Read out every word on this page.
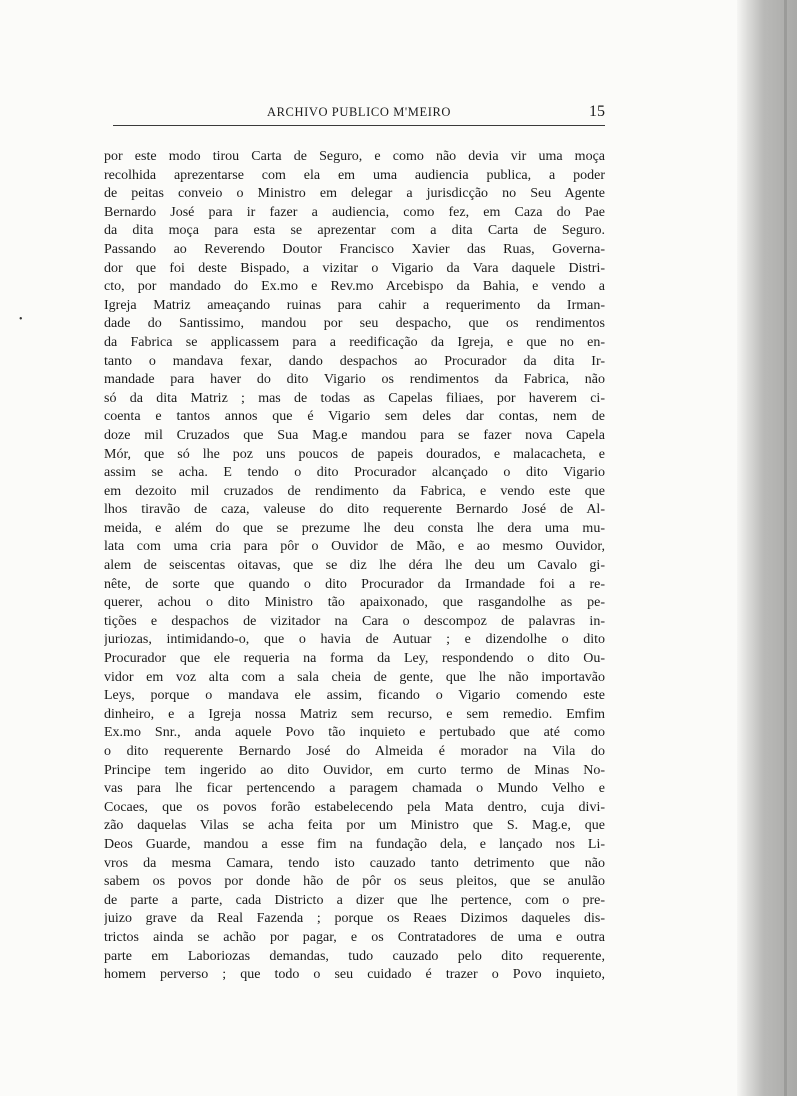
ARCHIVO PUBLICO M'MEIRO	15
•
por este modo tirou Carta de Seguro, e como não devia vir uma moça
recolhida aprezentarse com ela em uma audiencia publica, a poder
de peitas conveio o Ministro em delegar a jurisdicção no Seu Agente
Bernardo José para ir fazer a audiencia, como fez, em Caza do Pae
da dita moça para esta se aprezentar com a dita Carta de Seguro.
Passando ao Reverendo Doutor Francisco Xavier das Ruas, Governa-
dor que foi deste Bispado, a vizitar o Vigario da Vara daquele Distri-
cto, por mandado do Ex.mo e Rev.mo Arcebispo da Bahia, e vendo a
Igreja Matriz ameaçando ruinas para cahir a requerimento da Irman-
dade do Santissimo, mandou por seu despacho, que os rendimentos
da Fabrica se applicassem para a reedificação da Igreja, e que no en-
tanto o mandava fexar, dando despachos ao Procurador da dita Ir-
mandade para haver do dito Vigario os rendimentos da Fabrica, não
só da dita Matriz ; mas de todas as Capelas filiaes, por haverem ci-
coenta e tantos annos que é Vigario sem deles dar contas, nem de
doze mil Cruzados que Sua Mag.e mandou para se fazer nova Capela
Mór, que só lhe poz uns poucos de papeis dourados, e malacacheta, e
assim se acha. E tendo o dito Procurador alcançado o dito Vigario
em dezoito mil cruzados de rendimento da Fabrica, e vendo este que
lhos tiravão de caza, valeuse do dito requerente Bernardo José de Al-
meida, e além do que se prezume lhe deu consta lhe dera uma mu-
lata com uma cria para pôr o Ouvidor de Mão, e ao mesmo Ouvidor,
alem de seiscentas oitavas, que se diz lhe déra lhe deu um Cavalo gi-
nête, de sorte que quando o dito Procurador da Irmandade foi a re-
querer, achou o dito Ministro tão apaixonado, que rasgandolhe as pe-
tições e despachos de vizitador na Cara o descompoz de palavras in-
juriozas, intimidando-o, que o havia de Autuar ; e dizendolhe o dito
Procurador que ele requeria na forma da Ley, respondendo o dito Ou-
vidor em voz alta com a sala cheia de gente, que lhe não importavão
Leys, porque o mandava ele assim, ficando o Vigario comendo este
dinheiro, e a Igreja nossa Matriz sem recurso, e sem remedio. Emfim
Ex.mo Snr., anda aquele Povo tão inquieto e pertubado que até como
o dito requerente Bernardo José do Almeida é morador na Vila do
Principe tem ingerido ao dito Ouvidor, em curto termo de Minas No-
vas para lhe ficar pertencendo a paragem chamada o Mundo Velho e
Cocaes, que os povos forão estabelecendo pela Mata dentro, cuja divi-
zão daquelas Vilas se acha feita por um Ministro que S. Mag.e, que
Deos Guarde, mandou a esse fim na fundação dela, e lançado nos Li-
vros da mesma Camara, tendo isto cauzado tanto detrimento que não
sabem os povos por donde hão de pôr os seus pleitos, que se anulão
de parte a parte, cada Districto a dizer que lhe pertence, com o pre-
juizo grave da Real Fazenda ; porque os Reaes Dizimos daqueles dis-
trictos ainda se achão por pagar, e os Contratadores de uma e outra
parte em Laboriozas demandas, tudo cauzado pelo dito requerente,
homem perverso ; que todo o seu cuidado é trazer o Povo inquieto,
